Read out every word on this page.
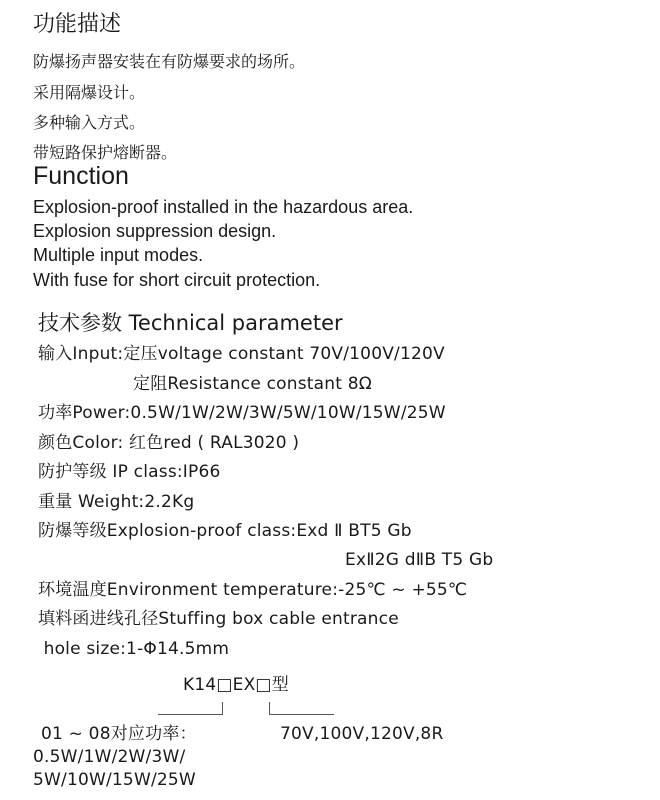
功能描述
防爆扬声器安装在有防爆要求的场所。
采用隔爆设计。
多种输入方式。
带短路保护熔断器。
Function
Explosion-proof installed in the hazardous area.
Explosion suppression design.
Multiple input modes.
With fuse for short circuit protection.
技术参数 Technical parameter
输入Input:定压voltage constant 70V/100V/120V
定阻Resistance constant 8Ω
功率Power:0.5W/1W/2W/3W/5W/10W/15W/25W
颜色Color: 红色red ( RAL3020 )
防护等级 IP class:IP66
重量 Weight:2.2Kg
防爆等级Explosion-proof class:Exd Ⅱ BT5 Gb
ExⅡ2G dⅡB T5 Gb
环境温度Environment temperature:-25℃ ~ +55℃
填料函进线孔径Stuffing box cable entrance
hole size:1-Φ14.5mm
K14□EX□型
01 ~ 08对应功率：	70V,100V,120V,8R
0.5W/1W/2W/3W/
5W/10W/15W/25W
